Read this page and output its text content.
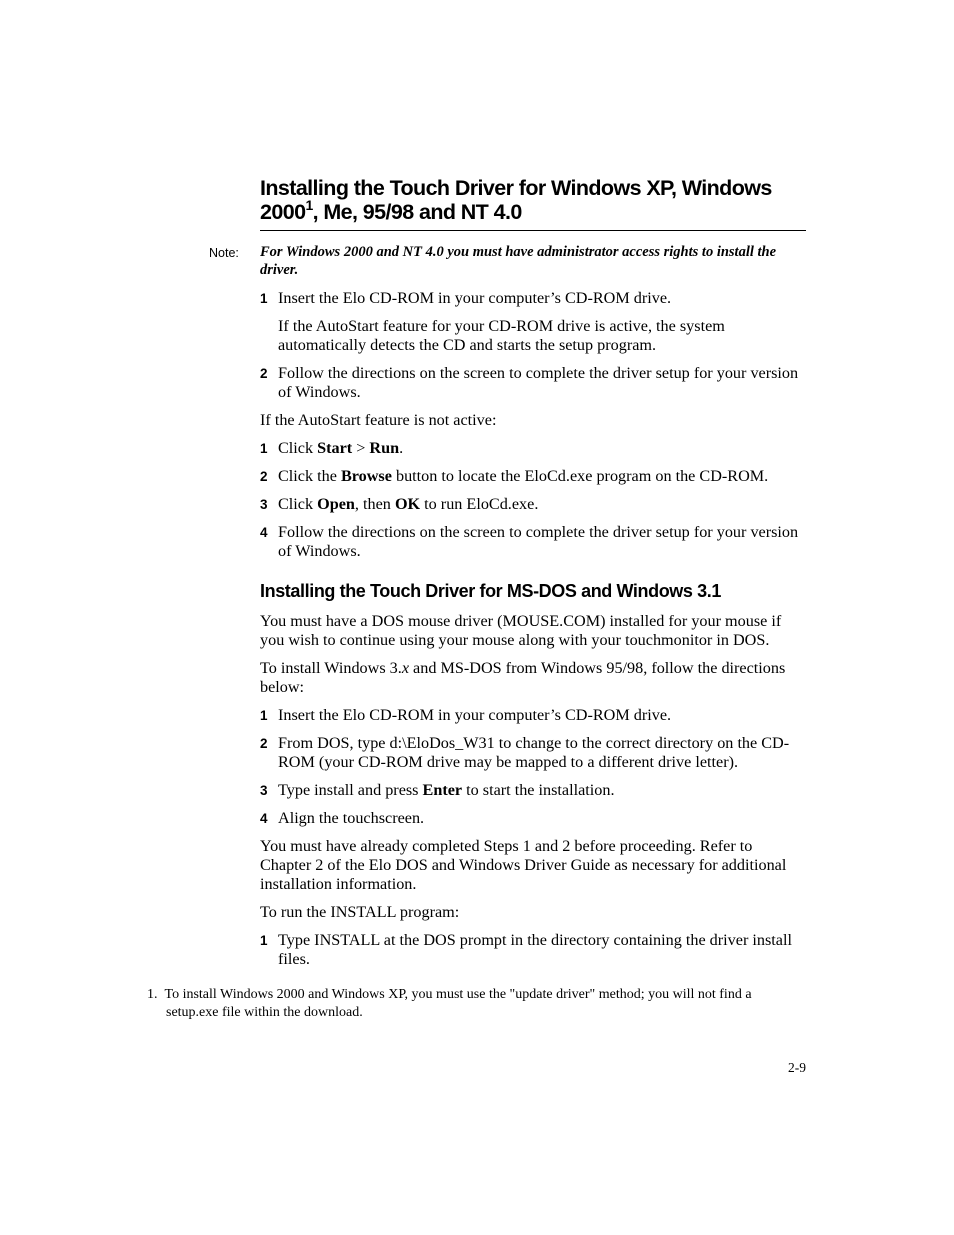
Installing the Touch Driver for Windows XP, Windows 2000$^1$, Me, 95/98 and NT 4.0
Note: For Windows 2000 and NT 4.0 you must have administrator access rights to install the driver.

1 Insert the Elo CD-ROM in your computer’s CD-ROM drive.

If the AutoStart feature for your CD-ROM drive is active, the system automatically detects the CD and starts the setup program.

2 Follow the directions on the screen to complete the driver setup for your version of Windows.

If the AutoStart feature is not active:

1 Click Start > Run.

2 Click the Browse button to locate the EloCd.exe program on the CD-ROM.

3 Click Open, then OK to run EloCd.exe.

4 Follow the directions on the screen to complete the driver setup for your version of Windows.

Installing the Touch Driver for MS-DOS and Windows 3.1

You must have a DOS mouse driver (MOUSE.COM) installed for your mouse if you wish to continue using your mouse along with your touchmonitor in DOS.

To install Windows 3.x and MS-DOS from Windows 95/98, follow the directions below:

1 Insert the Elo CD-ROM in your computer’s CD-ROM drive.

2 From DOS, type d:\EloDos_W31 to change to the correct directory on the CD-ROM (your CD-ROM drive may be mapped to a different drive letter).

3 Type install and press Enter to start the installation.

4 Align the touchscreen.

You must have already completed Steps 1 and 2 before proceeding. Refer to Chapter 2 of the Elo DOS and Windows Driver Guide as necessary for additional installation information.

To run the INSTALL program:

1 Type INSTALL at the DOS prompt in the directory containing the driver install files.

1. To install Windows 2000 and Windows XP, you must use the "update driver" method; you will not find a setup.exe file within the download.
2-9
